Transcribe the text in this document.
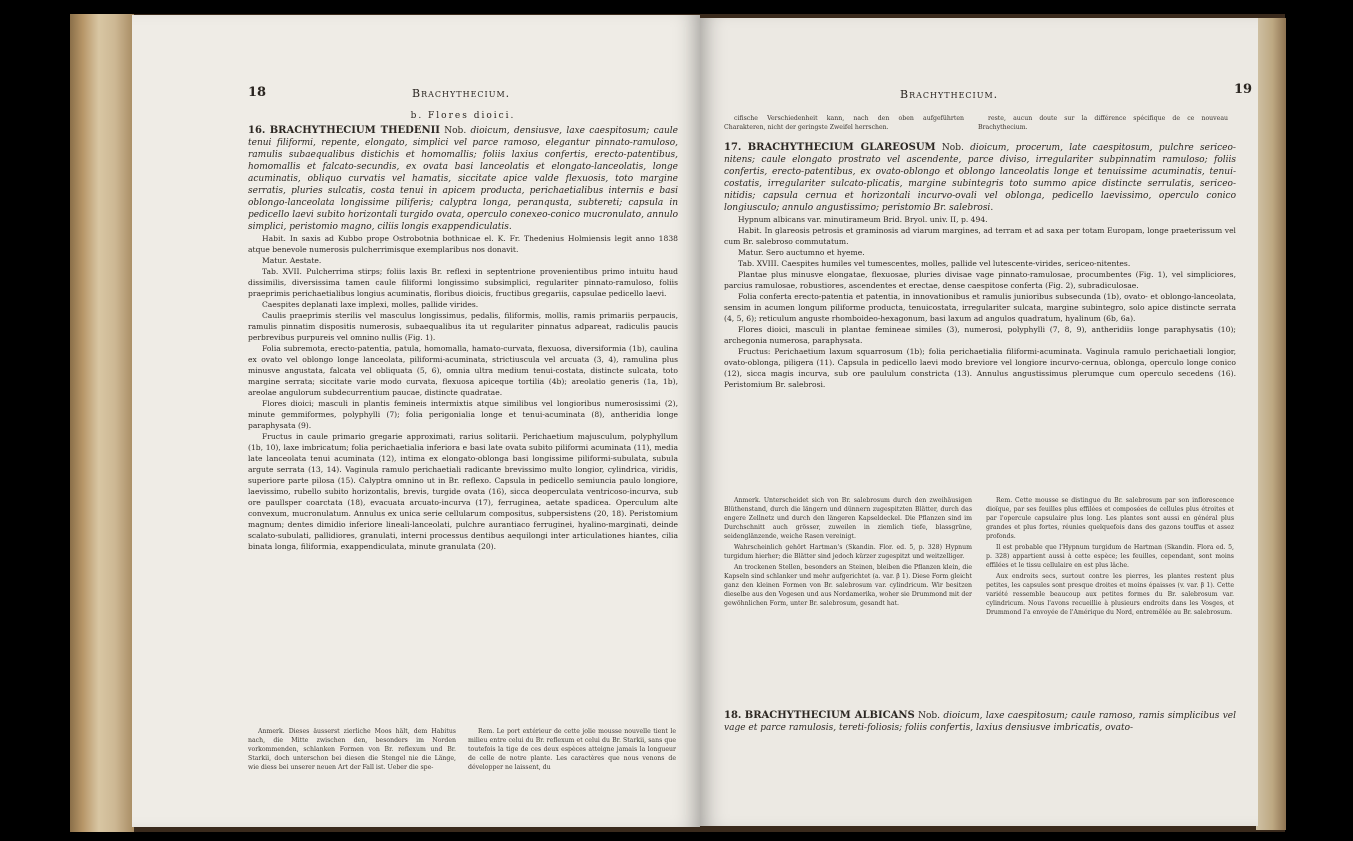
18	Brachythecium.
b. Flores dioici.

16. BRACHYTHECIUM THEDENII Nob. dioicum, densiusve, laxe caespitosum; caule tenui filiformi, repente, elongato, simplici vel parce ramoso, elegantur pinnato-ramuloso, ramulis subaequalibus distichis et homomallis; foliis laxius confertis, erecto-patentibus, homomallis et falcato-secundis, ex ovata basi lanceolatis et elongato-lanceolatis, longe acuminatis, obliquo curvatis vel hamatis, siccitate apice valde flexuosis, toto margine serratis, pluries sulcatis, costa tenui in apicem producta, perichaetialibus internis e basi oblongo-lanceolata longissime piliferis; calyptra longa, peranqusta, subtereti; capsula in pedicello laevi subito horizontali turgido ovata, operculo conexeo-conico mucronulato, annulo simplici, peristomio magno, ciliis longis exappendiculatis.

Habit. In saxis ad Kubbo prope Ostrobotnia bothnicae el. K. Fr. Thedenius Holmiensis legit anno 1838 atque benevole numerosis pulcherrimisque exemplaribus nos donavit.

Matur. Aestate.

Tab. XVII. Pulcherrima stirps; foliis laxis Br. reflexi in septentrione provenientibus primo intuitu haud dissimilis, diversissima tamen caule filiformi longissimo subsimplici, regulariter pinnato-ramuloso, foliis praeprimis perichaetialibus longius acuminatis, floribus dioicis, fructibus gregariis, capsulae pedicello laevi.

Caespites deplanati laxe implexi, molles, pallide virides.

Caulis praeprimis sterilis vel masculus longissimus, pedalis, filiformis, mollis, ramis primariis perpaucis, ramulis pinnatim dispositis numerosis, subaequalibus ita ut regulariter pinnatus adpareat, radiculis paucis perbrevibus purpureis vel omnino nullis (Fig. 1).

Folia subremota, erecto-patentia, patula, homomalla, hamato-curvata, flexuosa, diversiformia (1b), caulina ex ovato vel oblongo longe lanceolata, piliformi-acuminata, strictiuscula vel arcuata (3, 4), ramulina plus minusve angustata, falcata vel obliquata (5, 6), omnia ultra medium tenui-costata, distincte sulcata, toto margine serrata; siccitate varie modo curvata, flexuosa apiceque tortilia (4b); areolatio generis (1a, 1b), areolae angulorum subdecurrentium paucae, distincte quadratae.

Flores dioici; masculi in plantis femineis intermixtis atque similibus vel longioribus numerosissimi (2), minute gemmiformes, polyphylli (7); folia perigonialia longe et tenui-acuminata (8), antheridia longe paraphysata (9).

Fructus in caule primario gregarie approximati, rarius solitarii. Perichaetium majusculum, polyphyllum (1b, 10), laxe imbricatum; folia perichaetialia inferiora e basi late ovata subito piliformi acuminata (11), media late lanceolata tenui acuminata (12), intima ex elongato-oblonga basi longissime piliformi-subulata, subula argute serrata (13, 14). Vaginula ramulo perichaetiali radicante brevissimo multo longior, cylindrica, viridis, superiore parte pilosa (15). Calyptra omnino ut in Br. reflexo. Capsula in pedicello semiuncia paulo longiore, laevissimo, rubello subito horizontalis, brevis, turgide ovata (16), sicca deoperculata ventricoso-incurva, sub ore paullsper coarctata (18), evacuata arcuato-incurva (17), ferruginea, aetate spadicea. Operculum alte convexum, mucronulatum. Annulus ex unica serie cellularum compositus, subpersistens (20, 18). Peristomium magnum; dentes dimidio inferiore lineali-lanceolati, pulchre aurantiaco ferruginei, hyalino-marginati, deinde scalato-subulati, pallidiores, granulati, interni processus dentibus aequilongi inter articulationes hiantes, cilia binata longa, filiformia, exappendiculata, minute granulata (20).

Anmerk. Dieses äusserst zierliche Moos hält, dem Habitus nach, die Mitte zwischen den, besonders im Norden vorkommenden, schlanken Formen von Br. reflexum und Br. Starkii, doch unterschon bei diesen die Stengel nie die Länge, wie diess bei unserer neuen Art der Fall ist. Ueber die spe-

Rem. Le port extérieur de cette jolie mousse nouvelle tient le milieu entre celui du Br. reflexum et celui du Br. Starkii, sans que toutefois la tige de ces deux espèces atteigne jamais la longueur de celle de notre plante. Les caractères que nous venons de développer ne laissent, du

Brachythecium.	19

cifische Verschiedenheit kann, nach den oben aufgeführten Charakteren, nicht der geringste Zweifel herrschen.

reste, aucun doute sur la différence spécifique de ce nouveau Brachythecium.

17. BRACHYTHECIUM GLAREOSUM Nob. dioicum, procerum, late caespitosum, pulchre sericeo-nitens; caule elongato prostrato vel ascendente, parce diviso, irregulariter subpinnatim ramuloso; foliis confertis, erecto-patentibus, ex ovato-oblongo et oblongo lanceolatis longe et tenuissime acuminatis, tenui-costatis, irregulariter sulcato-plicatis, margine subintegris toto summo apice distincte serrulatis, sericeo-nitidis; capsula cernua et horizontali incurvo-ovali vel oblonga, pedicello laevissimo, operculo conico longiusculo; annulo angustissimo; peristomio Br. salebrosi.

Hypnum albicans var. minutirameum Brid. Bryol. univ. II, p. 494.

Habit. In glareosis petrosis et graminosis ad viarum margines, ad terram et ad saxa per totam Europam, longe praeterissum vel cum Br. salebroso commutatum.

Matur. Sero auctumno et hyeme.

Tab. XVIII. Caespites humiles vel tumescentes, molles, pallide vel lutescente-virides, sericeo-nitentes.

Plantae plus minusve elongatae, flexuosae, pluries divisae vage pinnato-ramulosae, procumbentes (Fig. 1), vel simpliciores, parcius ramulosae, robustiores, ascendentes et erectae, dense caespitose conferta (Fig. 2), subradiculosae.

Folia conferta erecto-patentia et patentia, in innovationibus et ramulis junioribus subsecunda (1b), ovato- et oblongo-lanceolata, sensim in acumen longum piliforme producta, tenuicostata, irregulariter sulcata, margine subintegro, solo apice distincte serrata (4, 5, 6); reticulum anguste rhomboideo-hexagonum, basi laxum ad angulos quadratum, hyalinum (6b, 6a).

Flores dioici, masculi in plantae femineae similes (3), numerosi, polyphylli (7, 8, 9), antheridiis longe paraphysatis (10); archegonia numerosa, paraphysata.

Fructus: Perichaetium laxum squarrosum (1b); folia perichaetialia filiformi-acuminata. Vaginula ramulo perichaetiali longior, ovato-oblonga, piligera (11). Capsula in pedicello laevi modo breviore vel longiore incurvo-cernua, oblonga, operculo longe conico (12), sicca magis incurva, sub ore paululum constricta (13). Annulus angustissimus plerumque cum operculo secedens (16). Peristomium Br. salebrosi.

Anmerk. Unterscheidet sich von Br. salebrosum durch den zweihäusigen Blüthenstand, durch die längern und dünnern zugespitzten Blätter, durch das engere Zellnetz und durch den längeren Kapseldeckel. Die Pflanzen sind im Durchschnitt auch grösser, zuweilen in ziemlich tiefe, blassgrüne, seidenglänzende, weiche Rasen vereinigt.

Wahrscheinlich gehört Hartman's (Skandin. Flor. ed. 5, p. 328) Hypnum turgidum hierher; die Blätter sind jedoch kürzer zugespitzt und weitzelliger.

An trockenen Stellen, besonders an Steinen, bleiben die Pflanzen klein, die Kapseln sind schlanker und mehr aufgerichtet (a. var. β 1). Diese Form gleicht ganz den kleinen Formen von Br. salebrosum var. cylindricum. Wir besitzen dieselbe aus den Vogesen und aus Nordamerika, woher sie Drummond mit der gewöhnlichen Form, unter Br. salebrosum, gesandt hat.

Rem. Cette mousse se distingue du Br. salebrosum par son inflorescence dioïque, par ses feuilles plus effilées et composées de cellules plus étroites et par l'opercule capsulaire plus long. Les plantes sont aussi en général plus grandes et plus fortes, réunies quelquefois dans des gazons touffus et assez profonds.

Il est probable que l'Hypnum turgidum de Hartman (Skandin. Flora ed. 5, p. 328) appartient aussi à cette espèce; les feuilles, cependant, sont moins effilées et le tissu cellulaire en est plus lâche.

Aux endroits secs, surtout contre les pierres, les plantes restent plus petites, les capsules sont presque droites et moins épaisses (v. var. β 1). Cette variété ressemble beaucoup aux petites formes du Br. salebrosum var. cylindricum. Nous l'avons recueillie à plusieurs endroits dans les Vosges, et Drummond l'a envoyée de l'Amérique du Nord, entremêlée au Br. salebrosum.

18. BRACHYTHECIUM ALBICANS Nob. dioicum, laxe caespitosum; caule ramoso, ramis simplicibus vel vage et parce ramulosis, tereti-foliosis; foliis confertis, laxius densiusve imbricatis, ovato-
